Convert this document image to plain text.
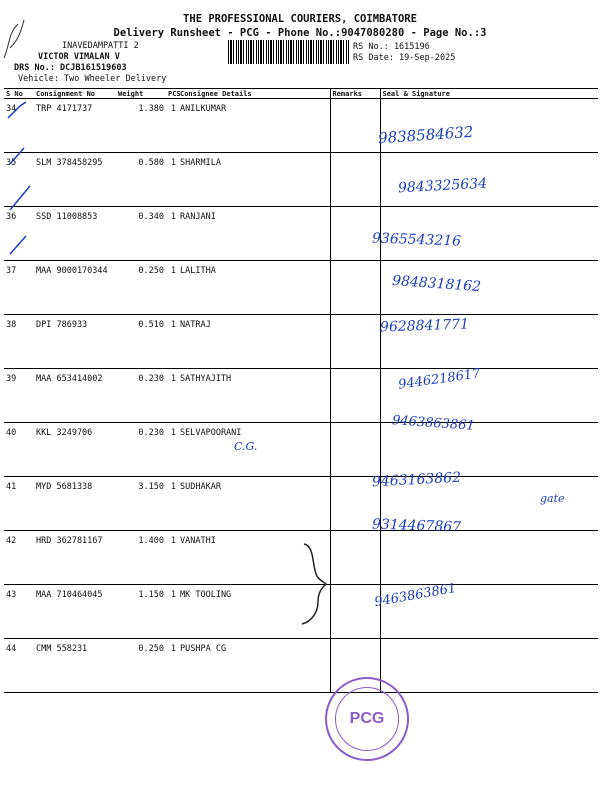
THE PROFESSIONAL COURIERS, COIMBATORE
Delivery Runsheet - PCG - Phone No.:9047080280 - Page No.:3
INAVEDAMPATTI 2
VICTOR VIMALAN V
DRS No.: DCJB161519603
Vehicle: Two Wheeler Delivery
RS No.: 1615196
RS Date: 19-Sep-2025
S No	Consignment No	Weight	PCS	Consignee Details	Remarks	Seal & Signature
34	TRP 4171737	1.380	1	ANILKUMAR		
35	SLM 378458295	0.580	1	SHARMILA		
36	SSD 11008853	0.340	1	RANJANI		
37	MAA 9000170344	0.250	1	LALITHA		
38	DPI 786933	0.510	1	NATRAJ		
39	MAA 653414002	0.230	1	SATHYAJITH		
40	KKL 3249706	0.230	1	SELVAPOORANI		
41	MYD 5681338	3.150	1	SUDHAKAR		
42	HRD 362781167	1.400	1	VANATHI		
43	MAA 710464045	1.150	1	MK TOOLING		
44	CMM 558231	0.250	1	PUSHPA CG		
9838584632
9843325634
9365543216
9848318162
9628841771
9446218617
9463863861
9463163862
9314467867
9463863861
C.G.
gate
PCG
